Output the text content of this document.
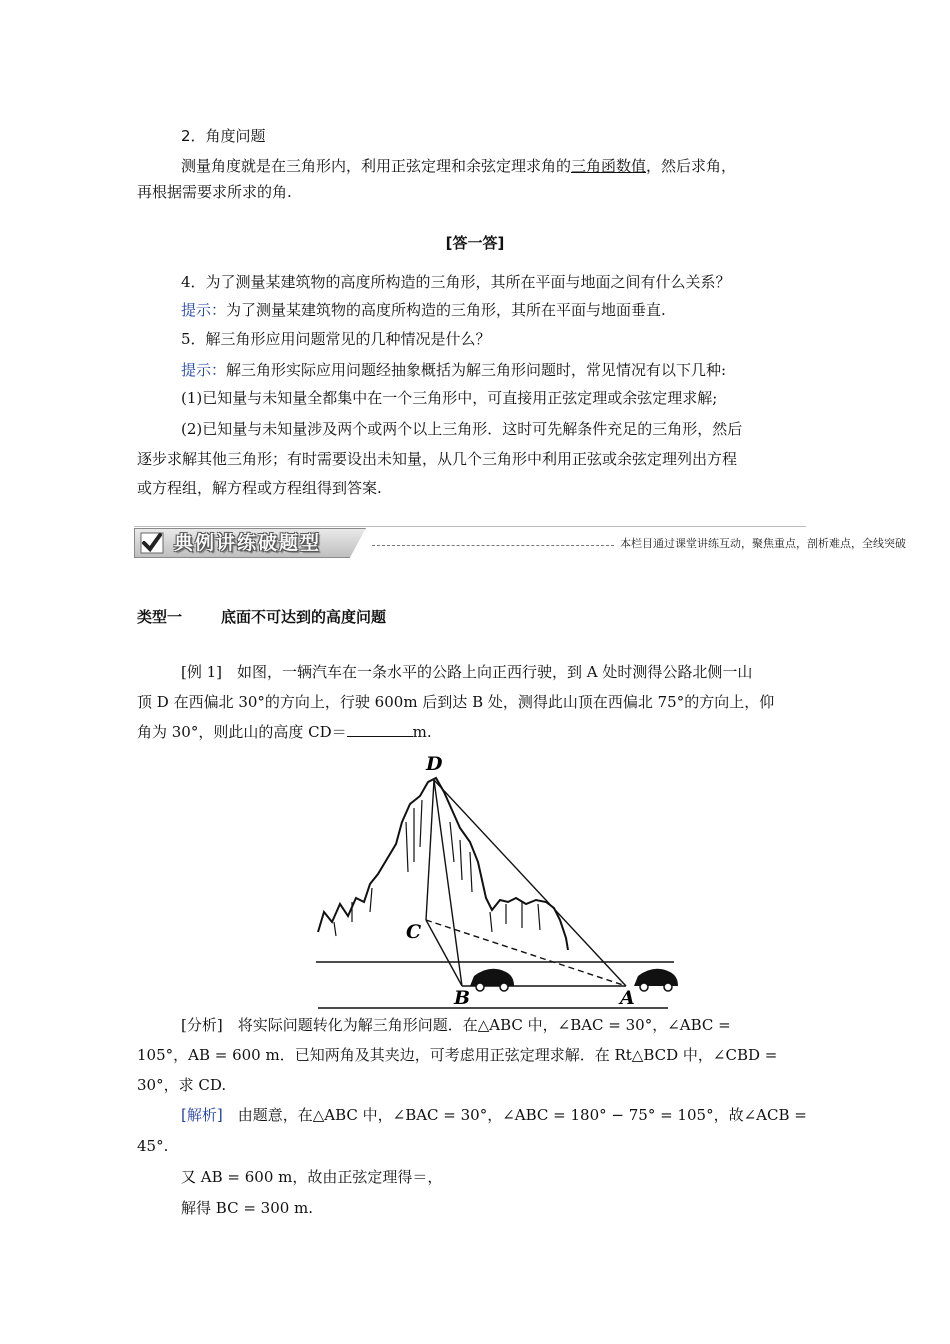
2．角度问题
测量角度就是在三角形内，利用正弦定理和余弦定理求角的三角函数值，然后求角，
再根据需要求所求的角.
[答一答]
4．为了测量某建筑物的高度所构造的三角形，其所在平面与地面之间有什么关系？
提示：为了测量某建筑物的高度所构造的三角形，其所在平面与地面垂直.
5．解三角形应用问题常见的几种情况是什么？
提示：解三角形实际应用问题经抽象概括为解三角形问题时，常见情况有以下几种:
(1)已知量与未知量全都集中在一个三角形中，可直接用正弦定理或余弦定理求解;
(2)已知量与未知量涉及两个或两个以上三角形．这时可先解条件充足的三角形，然后
逐步求解其他三角形；有时需要设出未知量，从几个三角形中利用正弦或余弦定理列出方程
或方程组，解方程或方程组得到答案.
典例讲练破题型	本栏目通过课堂讲练互动，聚焦重点，剖析难点，全线突破
类型一	底面不可达到的高度问题
[例 1]　如图，一辆汽车在一条水平的公路上向正西行驶，到 A 处时测得公路北侧一山
顶 D 在西偏北 30°的方向上，行驶 600m 后到达 B 处，测得此山顶在西偏北 75°的方向上，仰
角为 30°，则此山的高度 CD＝	m.
D
C
B	A
[分析]　将实际问题转化为解三角形问题．在△ABC 中，∠BAC = 30°，∠ABC =
105°，AB = 600 m．已知两角及其夹边，可考虑用正弦定理求解．在 Rt△BCD 中，∠CBD =
30°，求 CD.
[解析]　由题意，在△ABC 中，∠BAC = 30°，∠ABC = 180° − 75° = 105°，故∠ACB =
45°.
又 AB = 600 m，故由正弦定理得＝，
解得 BC = 300 m.
